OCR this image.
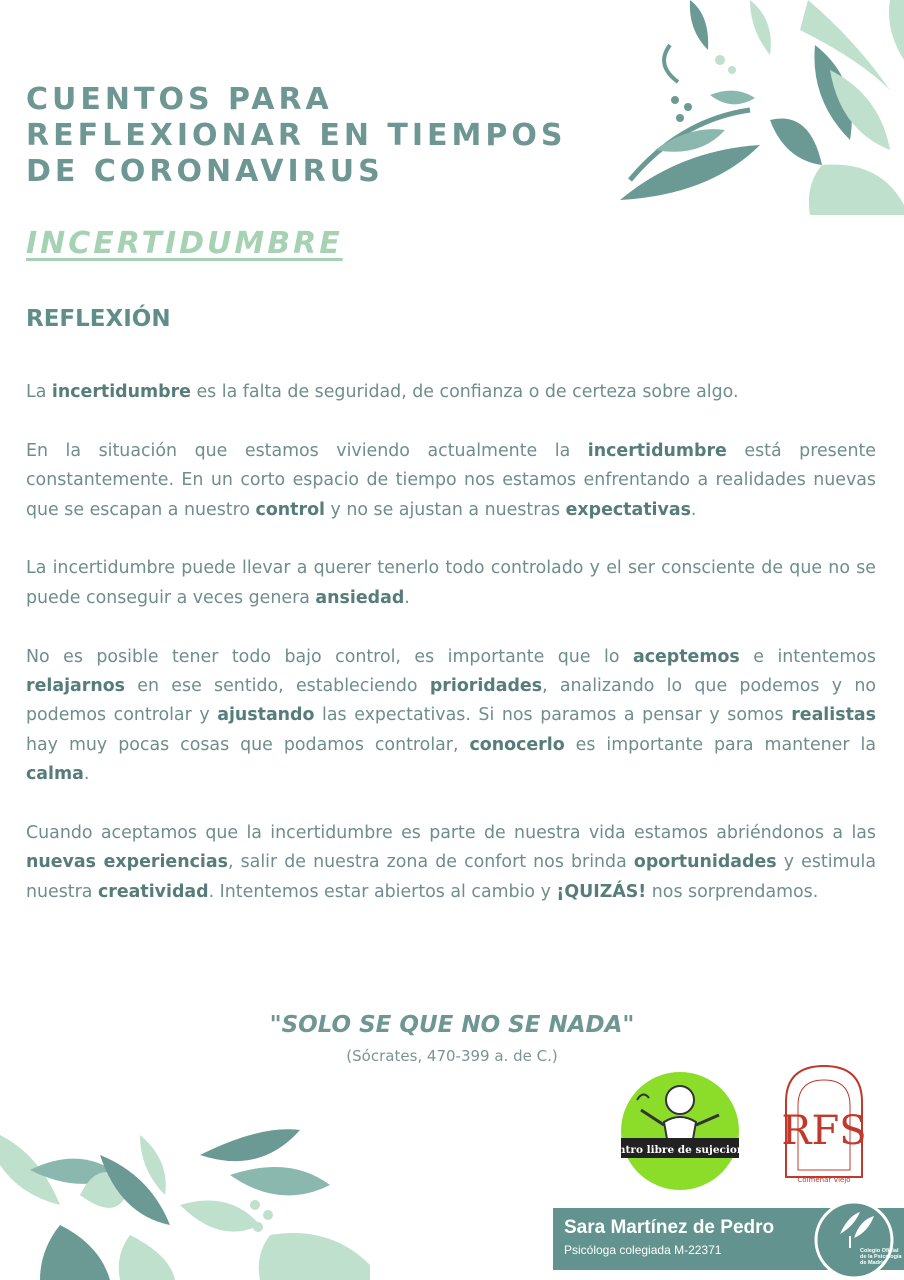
CUENTOS PARA
REFLEXIONAR EN TIEMPOS
DE CORONAVIRUS
INCERTIDUMBRE
REFLEXIÓN

La incertidumbre es la falta de seguridad, de confianza o de certeza sobre algo.

En la situación que estamos viviendo actualmente la incertidumbre está presente constantemente. En un corto espacio de tiempo nos estamos enfrentando a realidades nuevas que se escapan a nuestro control y no se ajustan a nuestras expectativas.

La incertidumbre puede llevar a querer tenerlo todo controlado y el ser consciente de que no se puede conseguir a veces genera ansiedad.

No es posible tener todo bajo control, es importante que lo aceptemos e intentemos relajarnos en ese sentido, estableciendo prioridades, analizando lo que podemos y no podemos controlar y ajustando las expectativas. Si nos paramos a pensar y somos realistas hay muy pocas cosas que podamos controlar, conocerlo es importante para mantener la calma.

Cuando aceptamos que la incertidumbre es parte de nuestra vida estamos abriéndonos a las nuevas experiencias, salir de nuestra zona de confort nos brinda oportunidades y estimula nuestra creatividad. Intentemos estar abiertos al cambio y ¡QUIZÁS! nos sorprendamos.

"SOLO SE QUE NO SE NADA"
(Sócrates, 470-399 a. de C.)
Centro libre de sujeciones RFS
Colmenar Viejo
Sara Martínez de Pedro
Psicóloga colegiada M-22371	Colegio Oficial
de la Psicología
de Madrid
